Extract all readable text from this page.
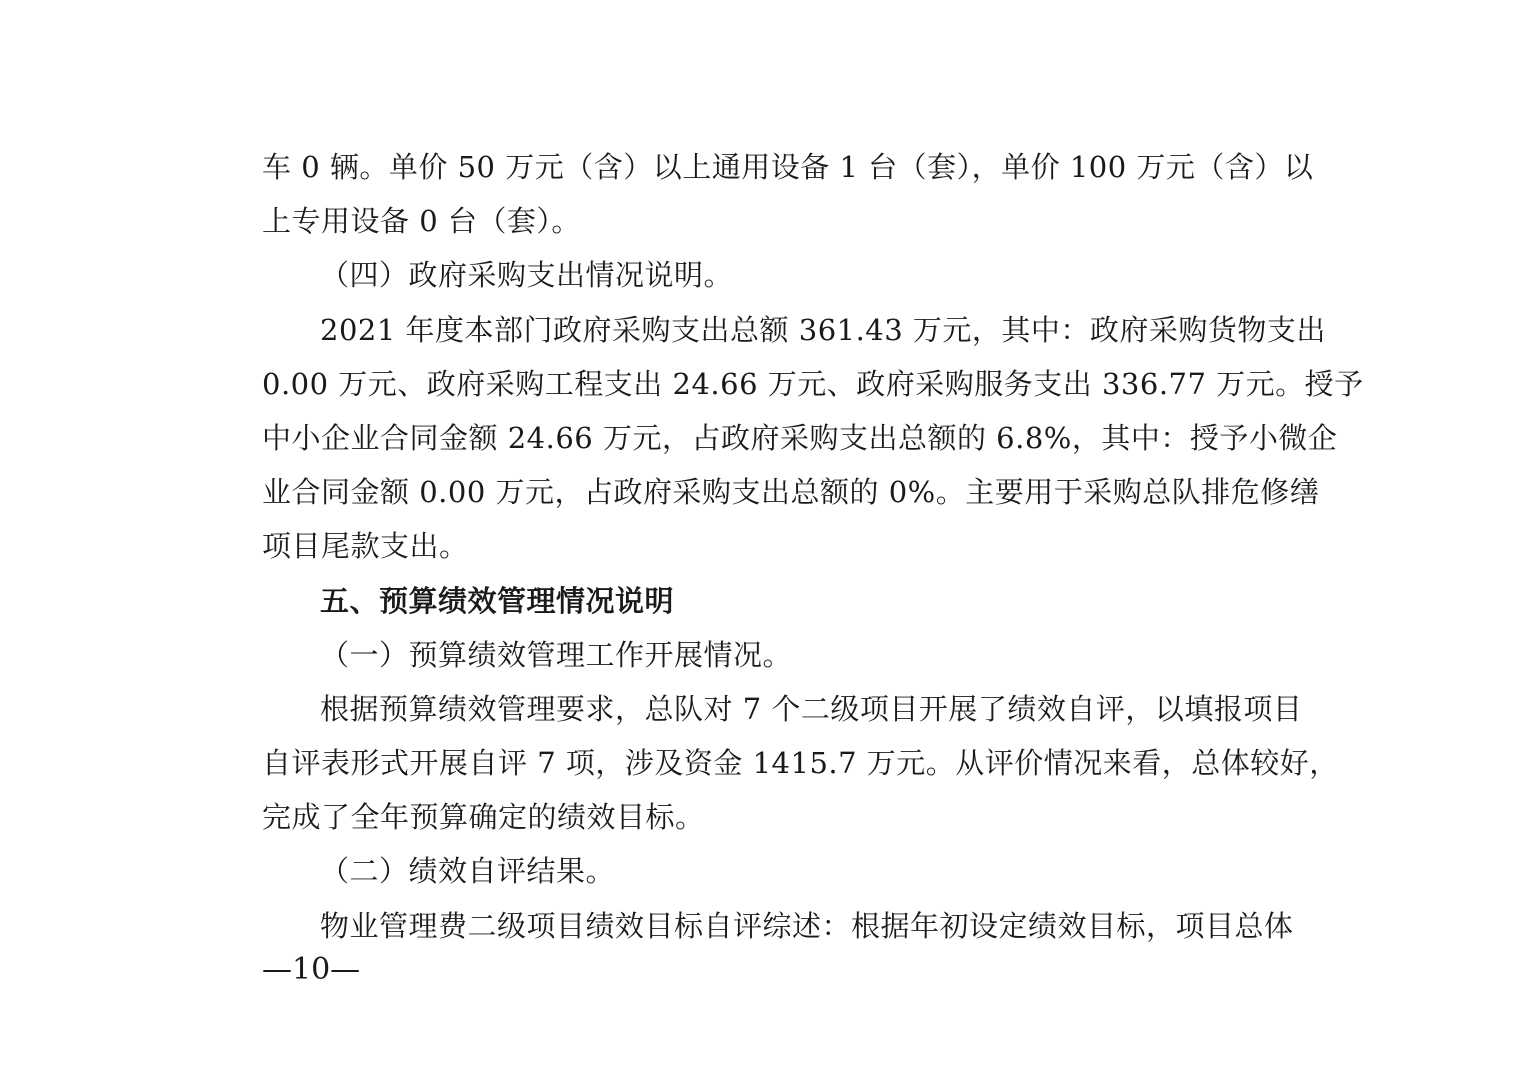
车 0 辆。单价 50 万元（含）以上通用设备 1 台（套），单价 100 万元（含）以
上专用设备 0 台（套）。
（四）政府采购支出情况说明。
2021 年度本部门政府采购支出总额 361.43 万元，其中：政府采购货物支出
0.00 万元、政府采购工程支出 24.66 万元、政府采购服务支出 336.77 万元。授予
中小企业合同金额 24.66 万元，占政府采购支出总额的 6.8%，其中：授予小微企
业合同金额 0.00 万元，占政府采购支出总额的 0%。主要用于采购总队排危修缮
项目尾款支出。
五、预算绩效管理情况说明
（一）预算绩效管理工作开展情况。
根据预算绩效管理要求，总队对 7 个二级项目开展了绩效自评，以填报项目
自评表形式开展自评 7 项，涉及资金 1415.7 万元。从评价情况来看，总体较好，
完成了全年预算确定的绩效目标。
（二）绩效自评结果。
物业管理费二级项目绩效目标自评综述：根据年初设定绩效目标，项目总体
—10—
